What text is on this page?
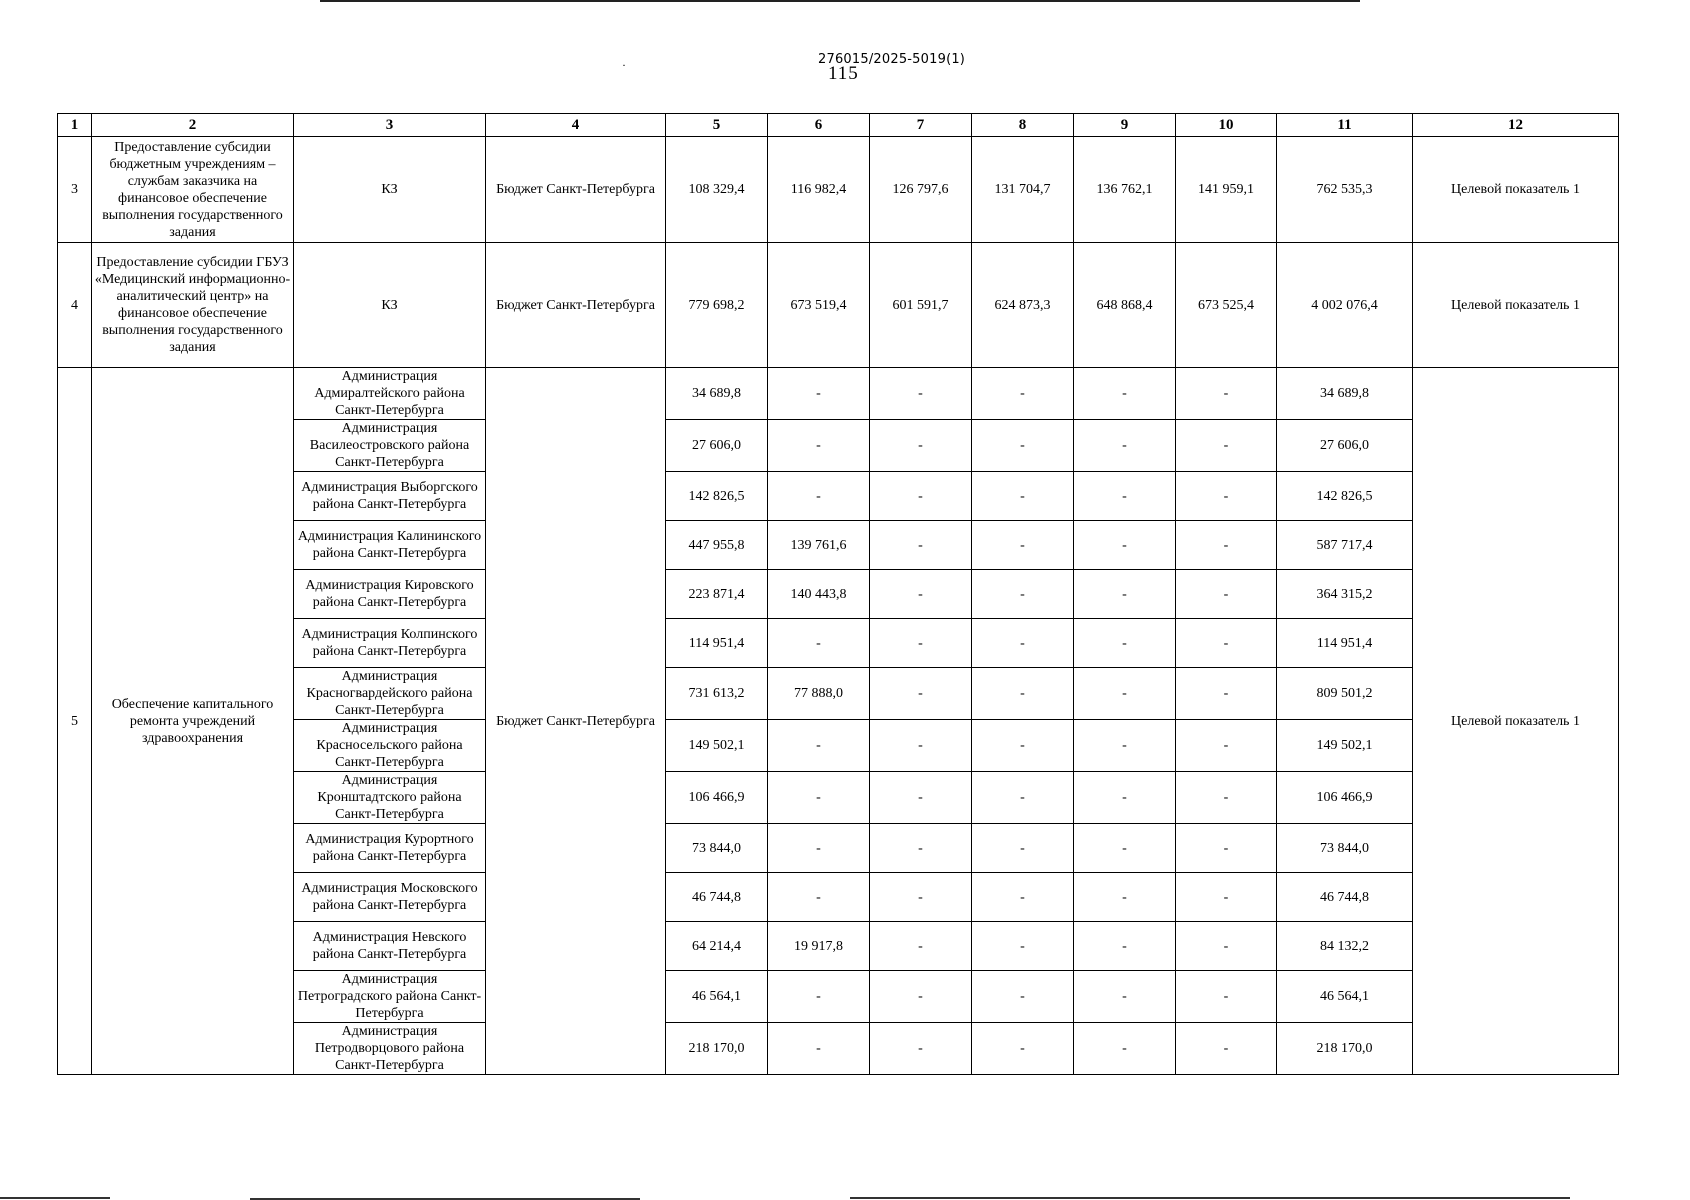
·	276015/2025-5019(1)
115
1	2	3	4	5	6	7	8	9	10	11	12
3	Предоставление субсидии бюджетным учреждениям – службам заказчика на финансовое обеспечение выполнения государственного задания	КЗ	Бюджет Санкт-Петербурга	108 329,4	116 982,4	126 797,6	131 704,7	136 762,1	141 959,1	762 535,3	Целевой показатель 1
4	Предоставление субсидии ГБУЗ «Медицинский информационно-аналитический центр» на финансовое обеспечение выполнения государственного задания	КЗ	Бюджет Санкт-Петербурга	779 698,2	673 519,4	601 591,7	624 873,3	648 868,4	673 525,4	4 002 076,4	Целевой показатель 1
5	Обеспечение капитального ремонта учреждений здравоохранения	Администрация Адмиралтейского района Санкт-Петербурга	Бюджет Санкт-Петербурга	34 689,8	-	-	-	-	-	34 689,8	Целевой показатель 1
		Администрация Василеостровского района Санкт-Петербурга		27 606,0	-	-	-	-	-	27 606,0	
		Администрация Выборгского района Санкт-Петербурга		142 826,5	-	-	-	-	-	142 826,5	
		Администрация Калининского района Санкт-Петербурга		447 955,8	139 761,6	-	-	-	-	587 717,4	
		Администрация Кировского района Санкт-Петербурга		223 871,4	140 443,8	-	-	-	-	364 315,2	
		Администрация Колпинского района Санкт-Петербурга		114 951,4	-	-	-	-	-	114 951,4	
		Администрация Красногвардейского района Санкт-Петербурга		731 613,2	77 888,0	-	-	-	-	809 501,2	
		Администрация Красносельского района Санкт-Петербурга		149 502,1	-	-	-	-	-	149 502,1	
		Администрация Кронштадтского района Санкт-Петербурга		106 466,9	-	-	-	-	-	106 466,9	
		Администрация Курортного района Санкт-Петербурга		73 844,0	-	-	-	-	-	73 844,0	
		Администрация Московского района Санкт-Петербурга		46 744,8	-	-	-	-	-	46 744,8	
		Администрация Невского района Санкт-Петербурга		64 214,4	19 917,8	-	-	-	-	84 132,2	
		Администрация Петроградского района Санкт-Петербурга		46 564,1	-	-	-	-	-	46 564,1	
		Администрация Петродворцового района Санкт-Петербурга		218 170,0	-	-	-	-	-	218 170,0	
